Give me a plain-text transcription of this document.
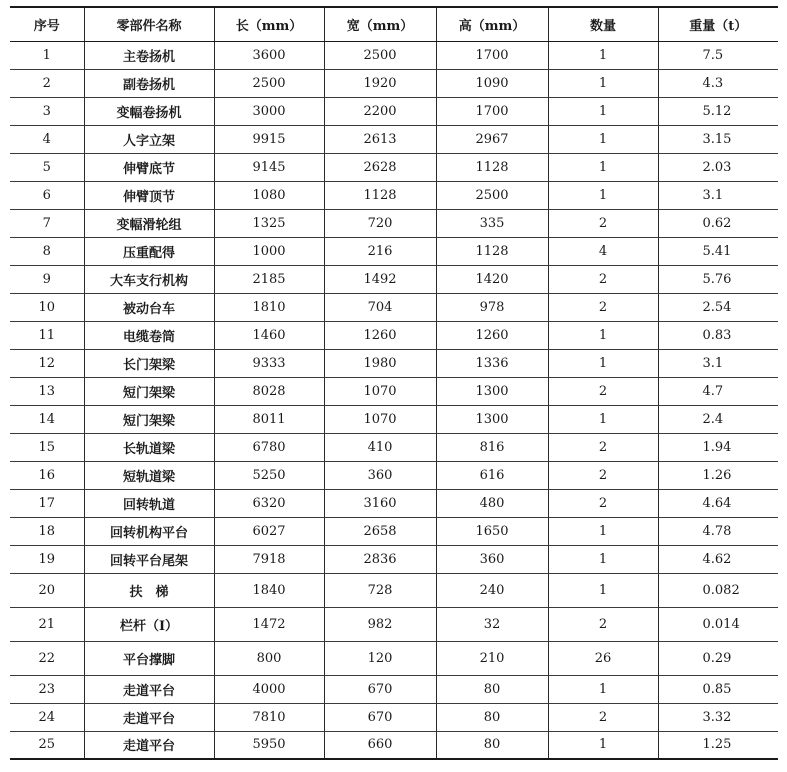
序号	零部件名称	长（mm）	宽（mm）	高（mm）	数量	重量（t）
1	主卷扬机	3600	2500	1700	1	7.5
2	副卷扬机	2500	1920	1090	1	4.3
3	变幅卷扬机	3000	2200	1700	1	5.12
4	人字立架	9915	2613	2967	1	3.15
5	伸臂底节	9145	2628	1128	1	2.03
6	伸臂顶节	1080	1128	2500	1	3.1
7	变幅滑轮组	1325	720	335	2	0.62
8	压重配得	1000	216	1128	4	5.41
9	大车支行机构	2185	1492	1420	2	5.76
10	被动台车	1810	704	978	2	2.54
11	电缆卷筒	1460	1260	1260	1	0.83
12	长门架梁	9333	1980	1336	1	3.1
13	短门架梁	8028	1070	1300	2	4.7
14	短门架梁	8011	1070	1300	1	2.4
15	长轨道梁	6780	410	816	2	1.94
16	短轨道梁	5250	360	616	2	1.26
17	回转轨道	6320	3160	480	2	4.64
18	回转机构平台	6027	2658	1650	1	4.78
19	回转平台尾架	7918	2836	360	1	4.62
20	扶　梯	1840	728	240	1	0.082
21	栏杆（Ⅰ）	1472	982	32	2	0.014
22	平台撑脚	800	120	210	26	0.29
23	走道平台	4000	670	80	1	0.85
24	走道平台	7810	670	80	2	3.32
25	走道平台	5950	660	80	1	1.25
